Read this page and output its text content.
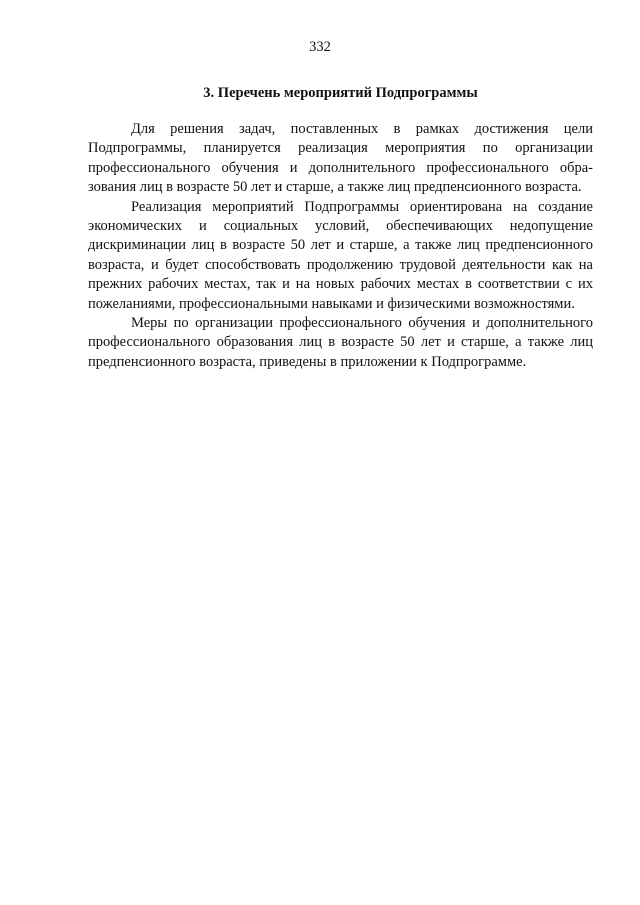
332
3. Перечень мероприятий Подпрограммы

Для решения задач, поставленных в рамках достижения цели Подпрограммы, планируется реализация мероприятия по организации профессионального обучения и дополнительного профессионального образования лиц в возрасте 50 лет и старше, а также лиц предпенсионного возраста.

Реализация мероприятий Подпрограммы ориентирована на создание экономических и социальных условий, обеспечивающих недопущение дискриминации лиц в возрасте 50 лет и старше, а также лиц предпенсионного возраста, и будет способствовать продолжению трудовой деятельности как на прежних рабочих местах, так и на новых рабочих местах в соответствии с их пожеланиями, профессиональными навыками и физическими возможностями.

Меры по организации профессионального обучения и дополнительного профессионального образования лиц в возрасте 50 лет и старше, а также лиц предпенсионного возраста, приведены в приложении к Подпрограмме.
